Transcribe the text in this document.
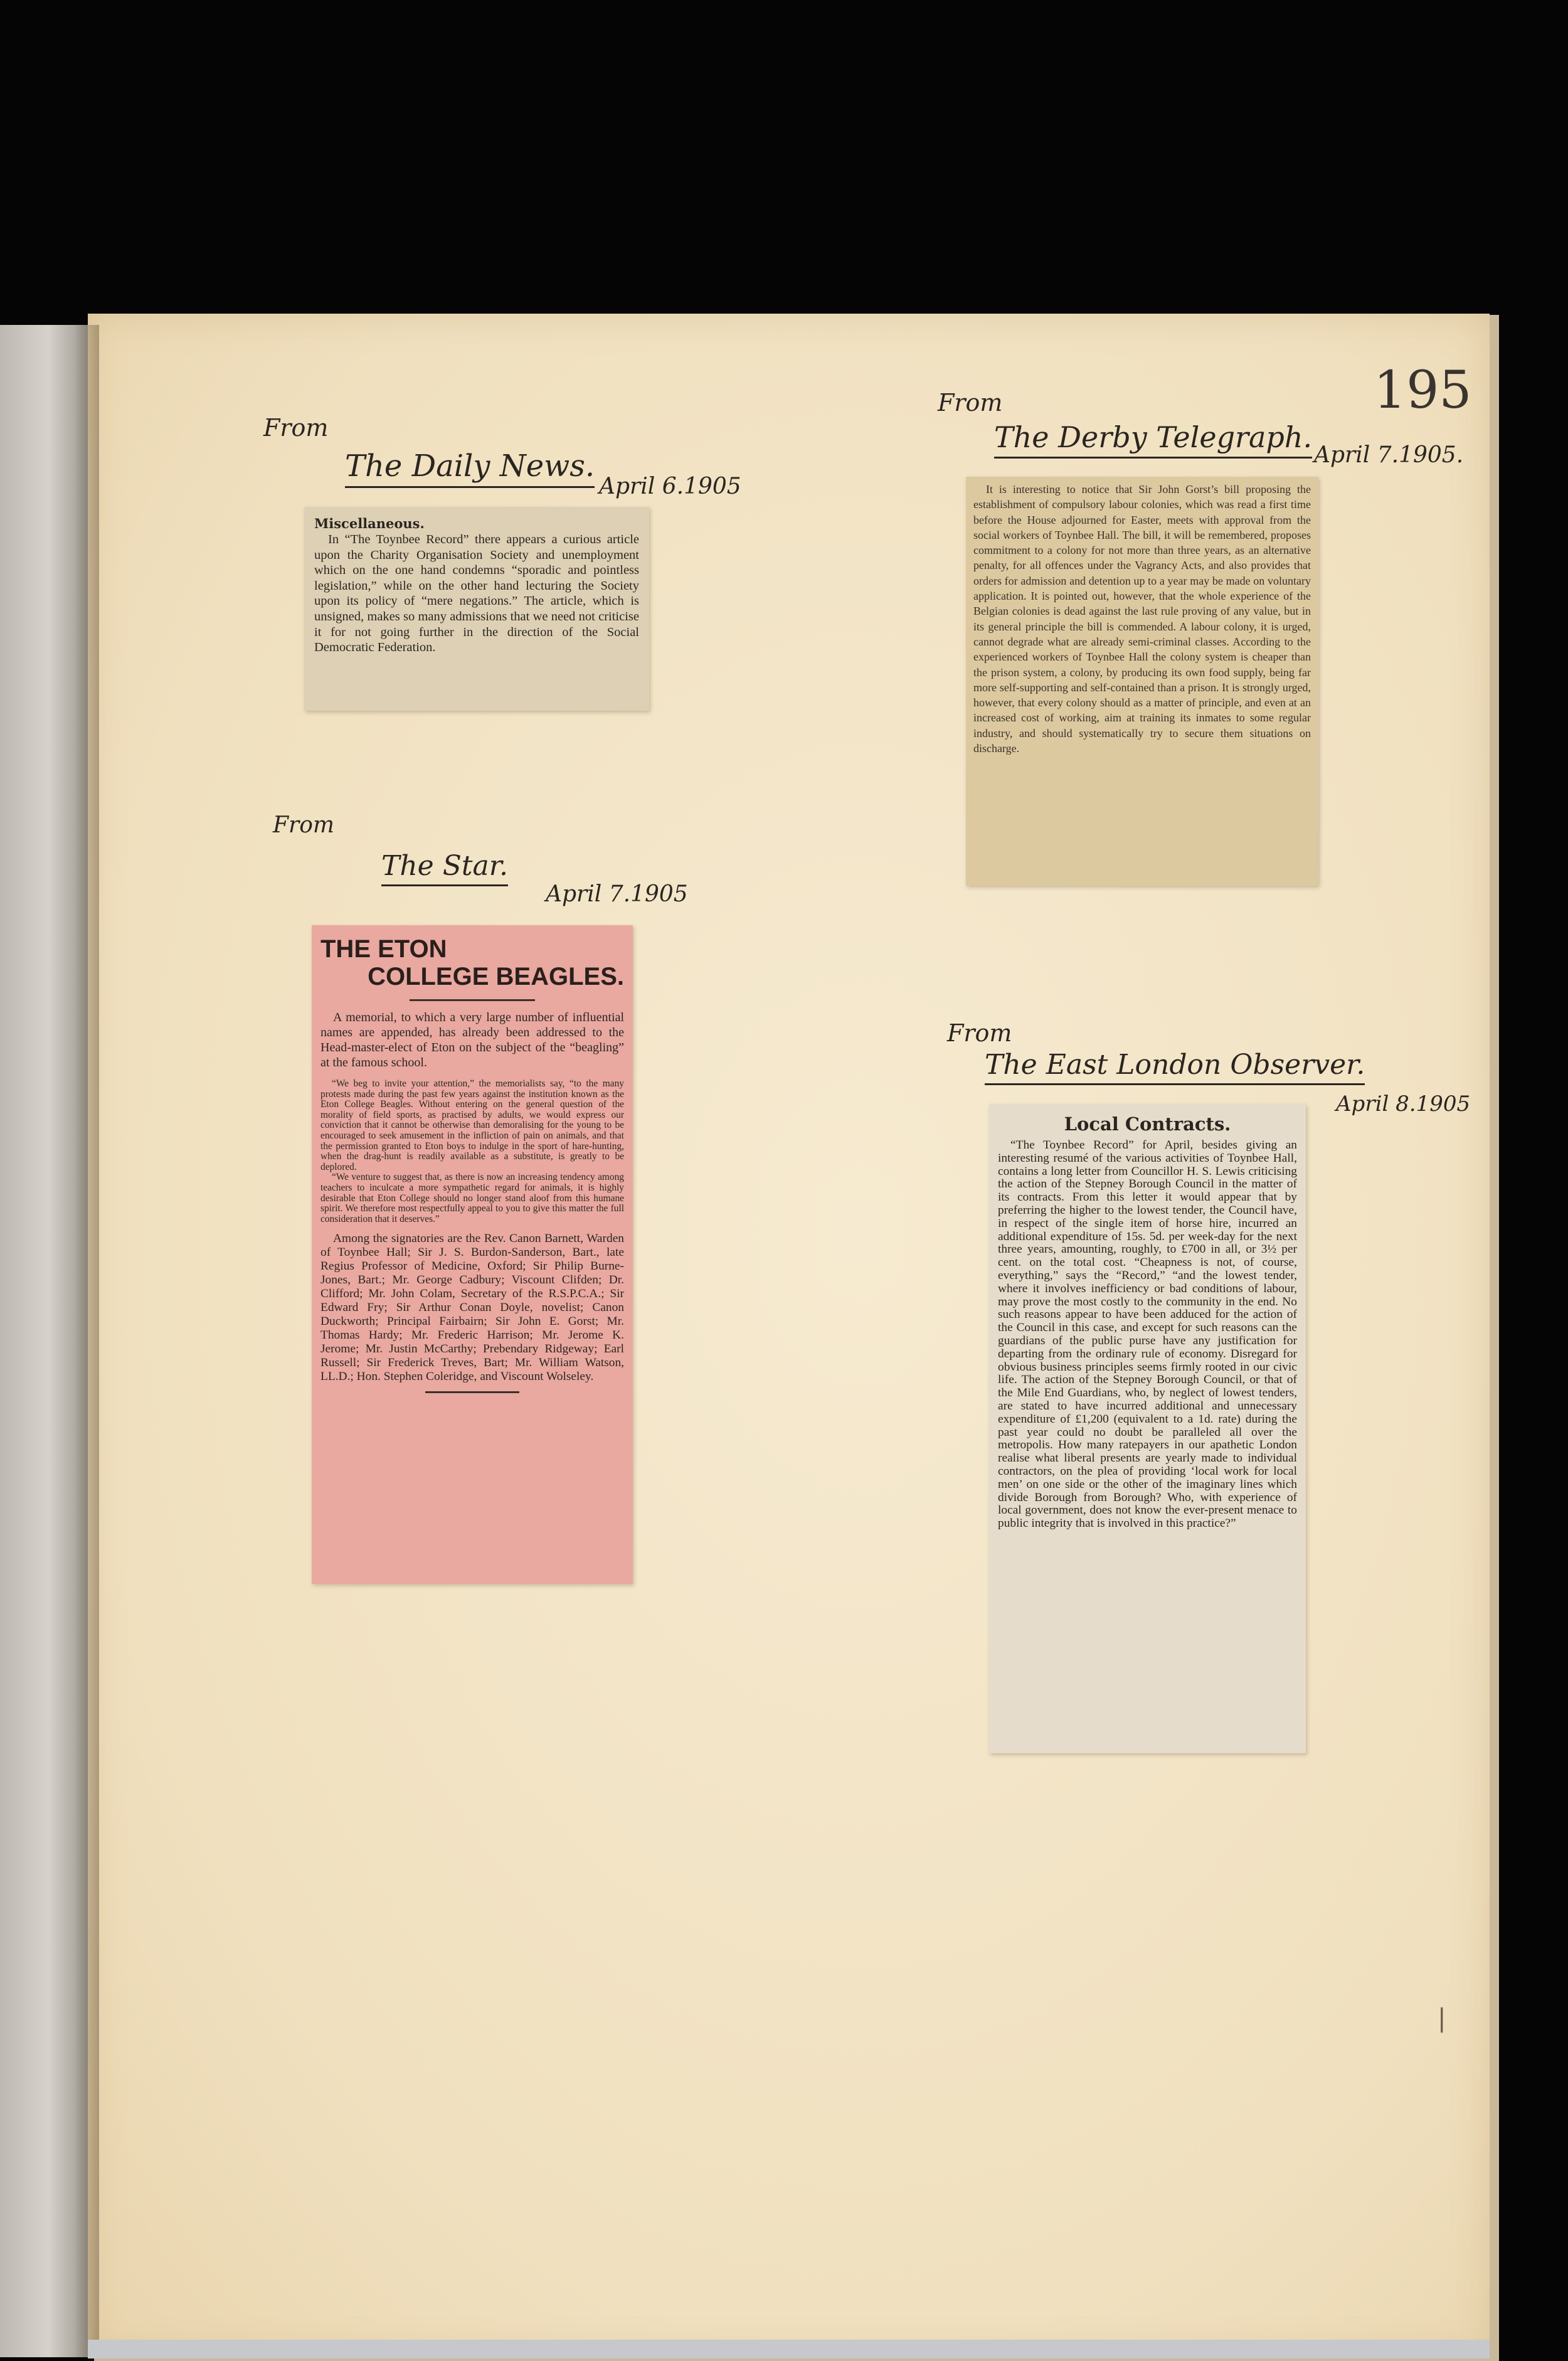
195
|
From
The Daily News.
April 6.1905

Miscellaneous.

In “The Toynbee Record” there appears a curious article upon the Charity Organisation Society and unemployment which on the one hand condemns “sporadic and pointless legislation,” while on the other hand lecturing the Society upon its policy of “mere negations.” The article, which is unsigned, makes so many admissions that we need not criticise it for not going further in the direction of the Social Democratic Federation.

From
The Star.
April 7.1905
THE ETON
COLLEGE BEAGLES.

A memorial, to which a very large number of influential names are appended, has already been addressed to the Head-master-elect of Eton on the subject of the “beagling” at the famous school.

“We beg to invite your attention,” the memorialists say, “to the many protests made during the past few years against the institution known as the Eton College Beagles. Without entering on the general question of the morality of field sports, as practised by adults, we would express our conviction that it cannot be otherwise than demoralising for the young to be encouraged to seek amusement in the infliction of pain on animals, and that the permission granted to Eton boys to indulge in the sport of hare-hunting, when the drag-hunt is readily available as a substitute, is greatly to be deplored.

“We venture to suggest that, as there is now an increasing tendency among teachers to inculcate a more sympathetic regard for animals, it is highly desirable that Eton College should no longer stand aloof from this humane spirit. We therefore most respectfully appeal to you to give this matter the full consideration that it deserves.”

Among the signatories are the Rev. Canon Barnett, Warden of Toynbee Hall; Sir J. S. Burdon-Sanderson, Bart., late Regius Professor of Medicine, Oxford; Sir Philip Burne-Jones, Bart.; Mr. George Cadbury; Viscount Clifden; Dr. Clifford; Mr. John Colam, Secretary of the R.S.P.C.A.; Sir Edward Fry; Sir Arthur Conan Doyle, novelist; Canon Duckworth; Principal Fairbairn; Sir John E. Gorst; Mr. Thomas Hardy; Mr. Frederic Harrison; Mr. Jerome K. Jerome; Mr. Justin McCarthy; Prebendary Ridgeway; Earl Russell; Sir Frederick Treves, Bart; Mr. William Watson, LL.D.; Hon. Stephen Coleridge, and Viscount Wolseley.

From
The Derby Telegraph.
April 7.1905.

It is interesting to notice that Sir John Gorst’s bill proposing the establishment of compulsory labour colonies, which was read a first time before the House adjourned for Easter, meets with approval from the social workers of Toynbee Hall. The bill, it will be remembered, proposes commitment to a colony for not more than three years, as an alternative penalty, for all offences under the Vagrancy Acts, and also provides that orders for admission and detention up to a year may be made on voluntary application. It is pointed out, however, that the whole experience of the Belgian colonies is dead against the last rule proving of any value, but in its general principle the bill is commended. A labour colony, it is urged, cannot degrade what are already semi-criminal classes. According to the experienced workers of Toynbee Hall the colony system is cheaper than the prison system, a colony, by producing its own food supply, being far more self-supporting and self-contained than a prison. It is strongly urged, however, that every colony should as a matter of principle, and even at an increased cost of working, aim at training its inmates to some regular industry, and should systematically try to secure them situations on discharge.

From
The East London Observer.
April 8.1905
Local Contracts.

“The Toynbee Record” for April, besides giving an interesting resumé of the various activities of Toynbee Hall, contains a long letter from Councillor H. S. Lewis criticising the action of the Stepney Borough Council in the matter of its contracts. From this letter it would appear that by preferring the higher to the lowest tender, the Council have, in respect of the single item of horse hire, incurred an additional expenditure of 15s. 5d. per week-day for the next three years, amounting, roughly, to £700 in all, or 3½ per cent. on the total cost. “Cheapness is not, of course, everything,” says the “Record,” “and the lowest tender, where it involves inefficiency or bad conditions of labour, may prove the most costly to the community in the end. No such reasons appear to have been adduced for the action of the Council in this case, and except for such reasons can the guardians of the public purse have any justification for departing from the ordinary rule of economy. Disregard for obvious business principles seems firmly rooted in our civic life. The action of the Stepney Borough Council, or that of the Mile End Guardians, who, by neglect of lowest tenders, are stated to have incurred additional and unnecessary expenditure of £1,200 (equivalent to a 1d. rate) during the past year could no doubt be paralleled all over the metropolis. How many ratepayers in our apathetic London realise what liberal presents are yearly made to individual contractors, on the plea of providing ‘local work for local men’ on one side or the other of the imaginary lines which divide Borough from Borough? Who, with experience of local government, does not know the ever-present menace to public integrity that is involved in this practice?”
